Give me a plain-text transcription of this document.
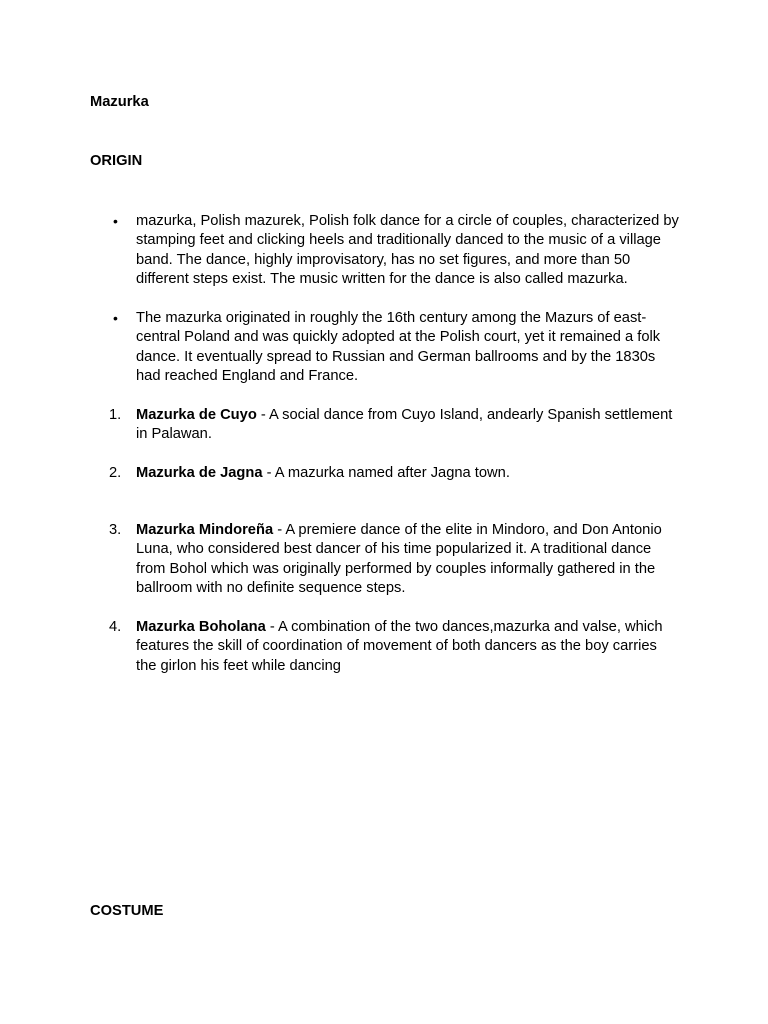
Mazurka
ORIGIN
•	mazurka, Polish mazurek, Polish folk dance for a circle of couples, characterized by stamping feet and clicking heels and traditionally danced to the music of a village band. The dance, highly improvisatory, has no set figures, and more than 50 different steps exist. The music written for the dance is also called mazurka.
•	The mazurka originated in roughly the 16th century among the Mazurs of east-central Poland and was quickly adopted at the Polish court, yet it remained a folk dance. It eventually spread to Russian and German ballrooms and by the 1830s had reached England and France.
1.	Mazurka de Cuyo - A social dance from Cuyo Island, andearly Spanish settlement in Palawan.
2.	Mazurka de Jagna - A mazurka named after Jagna town.
3.	Mazurka Mindoreña - A premiere dance of the elite in Mindoro, and Don Antonio Luna, who considered best dancer of his time popularized it. A traditional dance from Bohol which was originally performed by couples informally gathered in the ballroom with no definite sequence steps.
4.	Mazurka Boholana - A combination of the two dances,mazurka and valse, which features the skill of coordination of movement of both dancers as the boy carries the girlon his feet while dancing
COSTUME
